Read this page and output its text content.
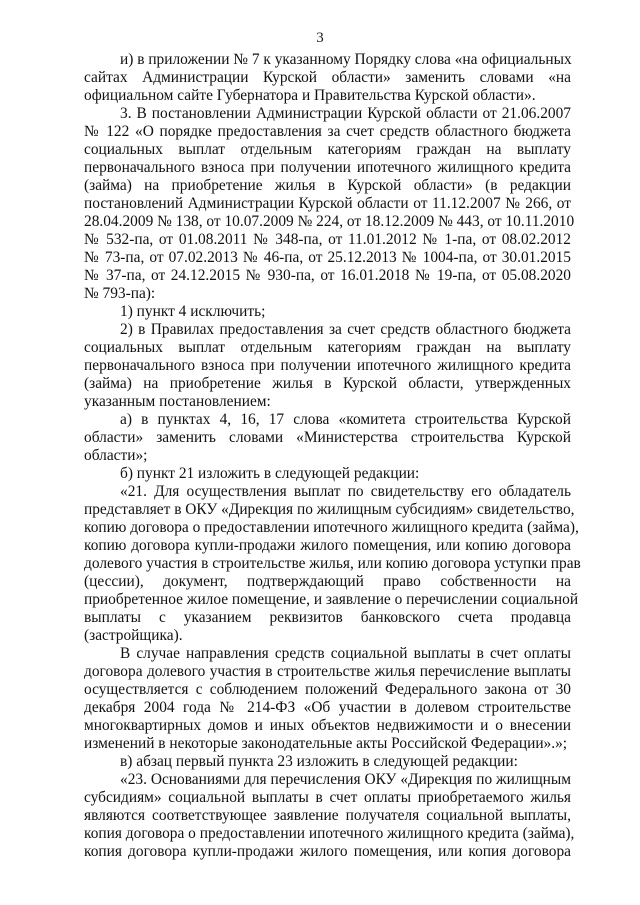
3
и) в приложении № 7 к указанному Порядку слова «на официальных
сайтах Администрации Курской области» заменить словами «на
официальном сайте Губернатора и Правительства Курской области».
3. В постановлении Администрации Курской области от 21.06.2007
№ 122 «О порядке предоставления за счет средств областного бюджета
социальных выплат отдельным категориям граждан на выплату
первоначального взноса при получении ипотечного жилищного кредита
(займа) на приобретение жилья в Курской области» (в редакции
постановлений Администрации Курской области от 11.12.2007 № 266, от
28.04.2009 № 138, от 10.07.2009 № 224, от 18.12.2009 № 443, от 10.11.2010
№ 532-па, от 01.08.2011 № 348-па, от 11.01.2012 № 1-па, от 08.02.2012
№ 73-па, от 07.02.2013 № 46-па, от 25.12.2013 № 1004-па, от 30.01.2015
№ 37-па, от 24.12.2015 № 930-па, от 16.01.2018 № 19-па, от 05.08.2020
№ 793-па):
1) пункт 4 исключить;
2) в Правилах предоставления за счет средств областного бюджета
социальных выплат отдельным категориям граждан на выплату
первоначального взноса при получении ипотечного жилищного кредита
(займа) на приобретение жилья в Курской области, утвержденных
указанным постановлением:
а) в пунктах 4, 16, 17 слова «комитета строительства Курской
области» заменить словами «Министерства строительства Курской
области»;
б) пункт 21 изложить в следующей редакции:
«21. Для осуществления выплат по свидетельству его обладатель
представляет в ОКУ «Дирекция по жилищным субсидиям» свидетельство,
копию договора о предоставлении ипотечного жилищного кредита (займа),
копию договора купли-продажи жилого помещения, или копию договора
долевого участия в строительстве жилья, или копию договора уступки прав
(цессии), документ, подтверждающий право собственности на
приобретенное жилое помещение, и заявление о перечислении социальной
выплаты с указанием реквизитов банковского счета продавца
(застройщика).
В случае направления средств социальной выплаты в счет оплаты
договора долевого участия в строительстве жилья перечисление выплаты
осуществляется с соблюдением положений Федерального закона от 30
декабря 2004 года № 214-ФЗ «Об участии в долевом строительстве
многоквартирных домов и иных объектов недвижимости и о внесении
изменений в некоторые законодательные акты Российской Федерации».»;
в) абзац первый пункта 23 изложить в следующей редакции:
«23. Основаниями для перечисления ОКУ «Дирекция по жилищным
субсидиям» социальной выплаты в счет оплаты приобретаемого жилья
являются соответствующее заявление получателя социальной выплаты,
копия договора о предоставлении ипотечного жилищного кредита (займа),
копия договора купли-продажи жилого помещения, или копия договора
